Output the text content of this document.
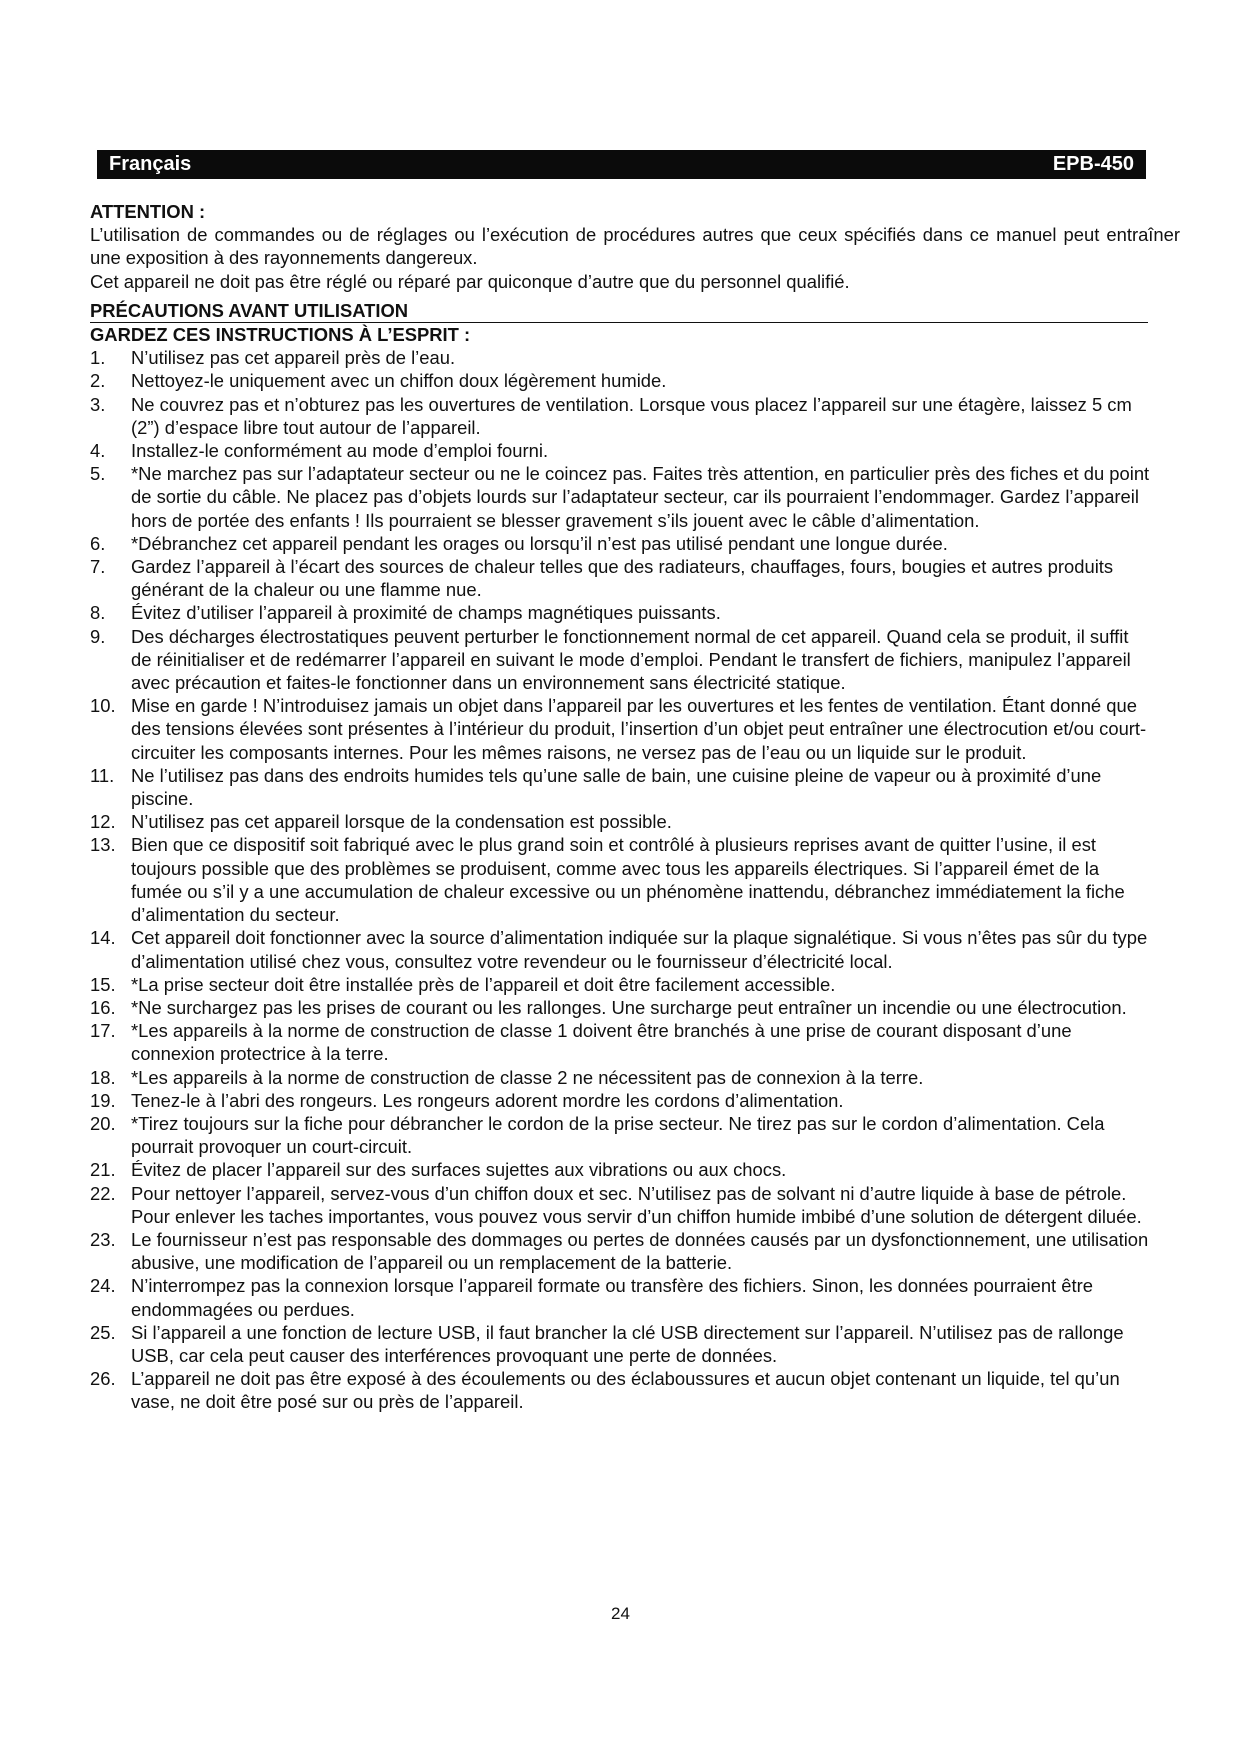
Français	EPB-450
ATTENTION :

L’utilisation de commandes ou de réglages ou l’exécution de procédures autres que ceux spécifiés dans ce manuel peut entraîner une exposition à des rayonnements dangereux.

Cet appareil ne doit pas être réglé ou réparé par quiconque d’autre que du personnel qualifié.

PRÉCAUTIONS AVANT UTILISATION
GARDEZ CES INSTRUCTIONS À L’ESPRIT :
1. N’utilisez pas cet appareil près de l’eau.
2. Nettoyez-le uniquement avec un chiffon doux légèrement humide.
3. Ne couvrez pas et n’obturez pas les ouvertures de ventilation. Lorsque vous placez l’appareil sur une étagère, laissez 5 cm (2”) d’espace libre tout autour de l’appareil.
4. Installez-le conformément au mode d’emploi fourni.
5. *Ne marchez pas sur l’adaptateur secteur ou ne le coincez pas. Faites très attention, en particulier près des fiches et du point de sortie du câble. Ne placez pas d’objets lourds sur l’adaptateur secteur, car ils pourraient l’endommager. Gardez l’appareil hors de portée des enfants ! Ils pourraient se blesser gravement s’ils jouent avec le câble d’alimentation.
6. *Débranchez cet appareil pendant les orages ou lorsqu’il n’est pas utilisé pendant une longue durée.
7. Gardez l’appareil à l’écart des sources de chaleur telles que des radiateurs, chauffages, fours, bougies et autres produits générant de la chaleur ou une flamme nue.
8. Évitez d’utiliser l’appareil à proximité de champs magnétiques puissants.
9. Des décharges électrostatiques peuvent perturber le fonctionnement normal de cet appareil. Quand cela se produit, il suffit de réinitialiser et de redémarrer l’appareil en suivant le mode d’emploi. Pendant le transfert de fichiers, manipulez l’appareil avec précaution et faites-le fonctionner dans un environnement sans électricité statique.
10. Mise en garde ! N’introduisez jamais un objet dans l’appareil par les ouvertures et les fentes de ventilation. Étant donné que des tensions élevées sont présentes à l’intérieur du produit, l’insertion d’un objet peut entraîner une électrocution et/ou court-circuiter les composants internes. Pour les mêmes raisons, ne versez pas de l’eau ou un liquide sur le produit.
11. Ne l’utilisez pas dans des endroits humides tels qu’une salle de bain, une cuisine pleine de vapeur ou à proximité d’une piscine.
12. N’utilisez pas cet appareil lorsque de la condensation est possible.
13. Bien que ce dispositif soit fabriqué avec le plus grand soin et contrôlé à plusieurs reprises avant de quitter l’usine, il est toujours possible que des problèmes se produisent, comme avec tous les appareils électriques. Si l’appareil émet de la fumée ou s’il y a une accumulation de chaleur excessive ou un phénomène inattendu, débranchez immédiatement la fiche d’alimentation du secteur.
14. Cet appareil doit fonctionner avec la source d’alimentation indiquée sur la plaque signalétique. Si vous n’êtes pas sûr du type d’alimentation utilisé chez vous, consultez votre revendeur ou le fournisseur d’électricité local.
15. *La prise secteur doit être installée près de l’appareil et doit être facilement accessible.
16. *Ne surchargez pas les prises de courant ou les rallonges. Une surcharge peut entraîner un incendie ou une électrocution.
17. *Les appareils à la norme de construction de classe 1 doivent être branchés à une prise de courant disposant d’une connexion protectrice à la terre.
18. *Les appareils à la norme de construction de classe 2 ne nécessitent pas de connexion à la terre.
19. Tenez-le à l’abri des rongeurs. Les rongeurs adorent mordre les cordons d’alimentation.
20. *Tirez toujours sur la fiche pour débrancher le cordon de la prise secteur. Ne tirez pas sur le cordon d’alimentation. Cela pourrait provoquer un court-circuit.
21. Évitez de placer l’appareil sur des surfaces sujettes aux vibrations ou aux chocs.
22. Pour nettoyer l’appareil, servez-vous d’un chiffon doux et sec. N’utilisez pas de solvant ni d’autre liquide à base de pétrole. Pour enlever les taches importantes, vous pouvez vous servir d’un chiffon humide imbibé d’une solution de détergent diluée.
23. Le fournisseur n’est pas responsable des dommages ou pertes de données causés par un dysfonctionnement, une utilisation abusive, une modification de l’appareil ou un remplacement de la batterie.
24. N’interrompez pas la connexion lorsque l’appareil formate ou transfère des fichiers. Sinon, les données pourraient être endommagées ou perdues.
25. Si l’appareil a une fonction de lecture USB, il faut brancher la clé USB directement sur l’appareil. N’utilisez pas de rallonge USB, car cela peut causer des interférences provoquant une perte de données.
26. L’appareil ne doit pas être exposé à des écoulements ou des éclaboussures et aucun objet contenant un liquide, tel qu’un vase, ne doit être posé sur ou près de l’appareil.
24
